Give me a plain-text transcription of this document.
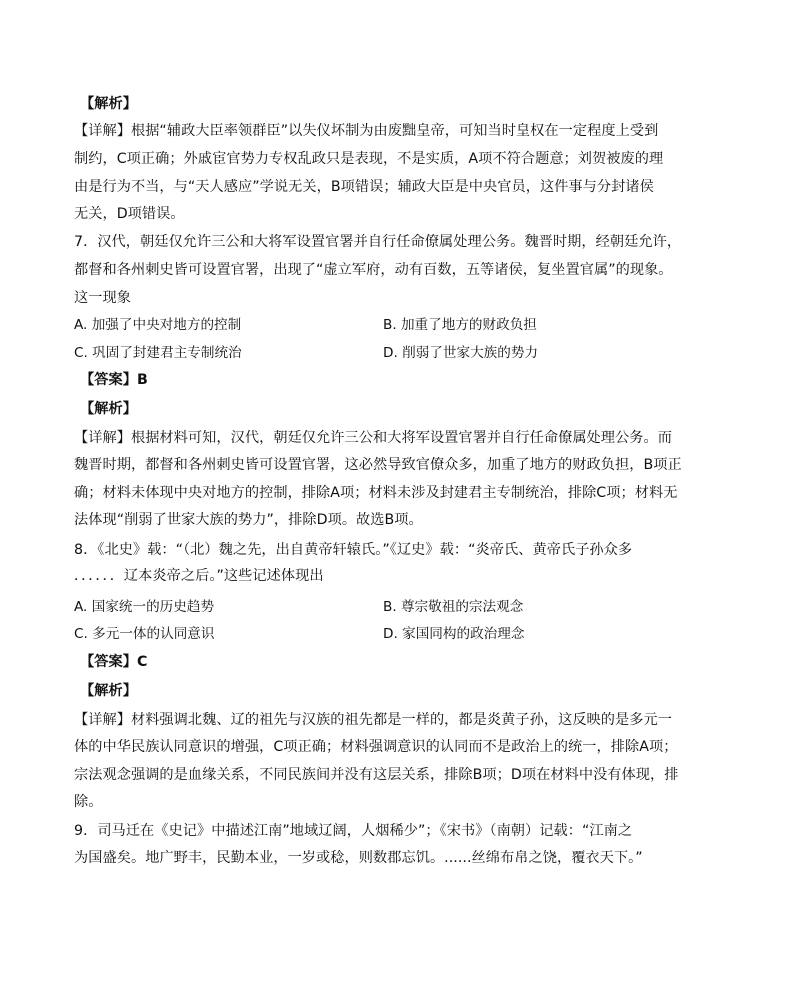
【解析】
【详解】根据“辅政大臣率领群臣”以失仪坏制为由废黜皇帝，可知当时皇权在一定程度上受到
制约，C项正确；外戚宦官势力专权乱政只是表现，不是实质，A项不符合题意；刘贺被废的理
由是行为不当，与“天人感应”学说无关，B项错误；辅政大臣是中央官员，这件事与分封诸侯
无关，D项错误。
7．汉代，朝廷仅允许三公和大将军设置官署并自行任命僚属处理公务。魏晋时期，经朝廷允许，
都督和各州刺史皆可设置官署，出现了“虚立军府，动有百数，五等诸侯，复坐置官属”的现象。
这一现象
A. 加强了中央对地方的控制	B. 加重了地方的财政负担
C. 巩固了封建君主专制统治	D. 削弱了世家大族的势力
【答案】B
【解析】
【详解】根据材料可知，汉代，朝廷仅允许三公和大将军设置官署并自行任命僚属处理公务。而
魏晋时期，都督和各州刺史皆可设置官署，这必然导致官僚众多，加重了地方的财政负担，B项正
确；材料未体现中央对地方的控制，排除A项；材料未涉及封建君主专制统治，排除C项；材料无
法体现“削弱了世家大族的势力”，排除D项。故选B项。
8．《北史》载：“（北）魏之先，出自黄帝轩辕氏。”《辽史》载：“炎帝氏、黄帝氏子孙众多
．．．．．．辽本炎帝之后。”这些记述体现出
A. 国家统一的历史趋势	B. 尊宗敬祖的宗法观念
C. 多元一体的认同意识	D. 家国同构的政治理念
【答案】C
【解析】
【详解】材料强调北魏、辽的祖先与汉族的祖先都是一样的，都是炎黄子孙，这反映的是多元一
体的中华民族认同意识的增强，C项正确；材料强调意识的认同而不是政治上的统一，排除A项；
宗法观念强调的是血缘关系，不同民族间并没有这层关系，排除B项；D项在材料中没有体现，排
除。
9．司马迁在《史记》中描述江南”地域辽阔，人烟稀少”；《宋书》（南朝）记载：“江南之
为国盛矣。地广野丰，民勤本业，一岁或稔，则数郡忘饥。......丝绵布帛之饶，覆衣天下。”
